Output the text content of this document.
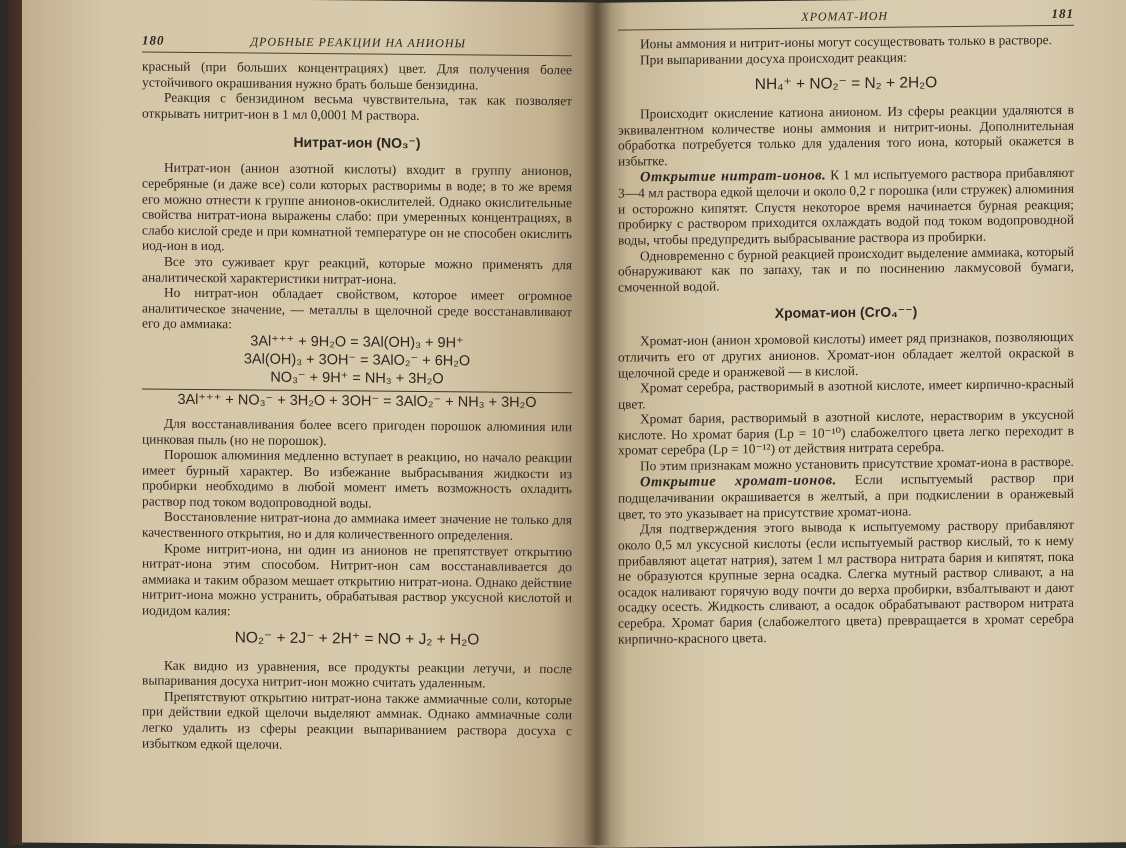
180	ДРОБНЫЕ РЕАКЦИИ НА АНИОНЫ

красный (при больших концентрациях) цвет. Для получения более устойчивого окрашивания нужно брать больше бензидина.

Реакция с бензидином весьма чувствительна, так как позволяет открывать нитрит-ион в 1 мл 0,0001 М раствора.

Нитрат-ион (NO₃⁻)

Нитрат-ион (анион азотной кислоты) входит в группу анионов, серебряные (и даже все) соли которых растворимы в воде; в то же время его можно отнести к группе анионов-окислителей. Однако окислительные свойства нитрат-иона выражены слабо: при умеренных концентрациях, в слабо кислой среде и при комнатной температуре он не способен окислить иод-ион в иод.

Все это суживает круг реакций, которые можно применять для аналитической характеристики нитрат-иона.

Но нитрат-ион обладает свойством, которое имеет огромное аналитическое значение, — металлы в щелочной среде восстанавливают его до аммиака:

3Al⁺⁺⁺ + 9H₂O = 3Al(OH)₃ + 9H⁺
3Al(OH)₃ + 3OH⁻ = 3AlO₂⁻ + 6H₂O
NO₃⁻ + 9H⁺ = NH₃ + 3H₂O
3Al⁺⁺⁺ + NO₃⁻ + 3H₂O + 3OH⁻ = 3AlO₂⁻ + NH₃ + 3H₂O

Для восстанавливания более всего пригоден порошок алюминия или цинковая пыль (но не порошок).

Порошок алюминия медленно вступает в реакцию, но начало реакции имеет бурный характер. Во избежание выбрасывания жидкости из пробирки необходимо в любой момент иметь возможность охладить раствор под током водопроводной воды.

Восстановление нитрат-иона до аммиака имеет значение не только для качественного открытия, но и для количественного определения.

Кроме нитрит-иона, ни один из анионов не препятствует открытию нитрат-иона этим способом. Нитрит-ион сам восстанавливается до аммиака и таким образом мешает открытию нитрат-иона. Однако действие нитрит-иона можно устранить, обрабатывая раствор уксусной кислотой и иодидом калия:

NO₂⁻ + 2J⁻ + 2H⁺ = NO + J₂ + H₂O

Как видно из уравнения, все продукты реакции летучи, и после выпаривания досуха нитрит-ион можно считать удаленным.

Препятствуют открытию нитрат-иона также аммиачные соли, которые при действии едкой щелочи выделяют аммиак. Однако аммиачные соли легко удалить из сферы реакции выпариванием раствора досуха с избытком едкой щелочи.

ХРОМАТ-ИОН	181

Ионы аммония и нитрит-ионы могут сосуществовать только в растворе.

При выпаривании досуха происходит реакция:

NH₄⁺ + NO₂⁻ = N₂ + 2H₂O

Происходит окисление катиона анионом. Из сферы реакции удаляются в эквивалентном количестве ионы аммония и нитрит-ионы. Дополнительная обработка потребуется только для удаления того иона, который окажется в избытке.

Открытие нитрат-ионов. К 1 мл испытуемого раствора прибавляют 3—4 мл раствора едкой щелочи и около 0,2 г порошка (или стружек) алюминия и осторожно кипятят. Спустя некоторое время начинается бурная реакция; пробирку с раствором приходится охлаждать водой под током водопроводной воды, чтобы предупредить выбрасывание раствора из пробирки.

Одновременно с бурной реакцией происходит выделение аммиака, который обнаруживают как по запаху, так и по посинению лакмусовой бумаги, смоченной водой.

Хромат-ион (CrO₄⁻⁻)

Хромат-ион (анион хромовой кислоты) имеет ряд признаков, позволяющих отличить его от других анионов. Хромат-ион обладает желтой окраской в щелочной среде и оранжевой — в кислой.

Хромат серебра, растворимый в азотной кислоте, имеет кирпично-красный цвет.

Хромат бария, растворимый в азотной кислоте, нерастворим в уксусной кислоте. Но хромат бария (Lp = 10⁻¹⁰) слабожелтого цвета легко переходит в хромат серебра (Lp = 10⁻¹²) от действия нитрата серебра.

По этим признакам можно установить присутствие хромат-иона в растворе.

Открытие хромат-ионов. Если испытуемый раствор при подщелачивании окрашивается в желтый, а при подкислении в оранжевый цвет, то это указывает на присутствие хромат-иона.

Для подтверждения этого вывода к испытуемому раствору прибавляют около 0,5 мл уксусной кислоты (если испытуемый раствор кислый, то к нему прибавляют ацетат натрия), затем 1 мл раствора нитрата бария и кипятят, пока не образуются крупные зерна осадка. Слегка мутный раствор сливают, а на осадок наливают горячую воду почти до верха пробирки, взбалтывают и дают осадку осесть. Жидкость сливают, а осадок обрабатывают раствором нитрата серебра. Хромат бария (слабожелтого цвета) превращается в хромат серебра кирпично-красного цвета.
